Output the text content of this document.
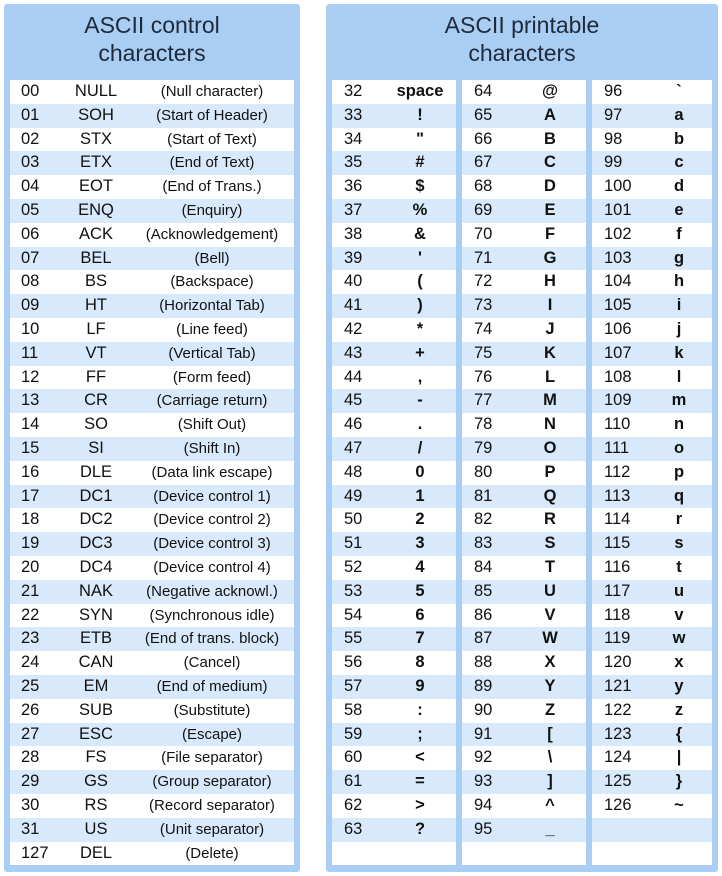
ASCII control
characters
00	NULL	(Null character)
01	SOH	(Start of Header)
02	STX	(Start of Text)
03	ETX	(End of Text)
04	EOT	(End of Trans.)
05	ENQ	(Enquiry)
06	ACK	(Acknowledgement)
07	BEL	(Bell)
08	BS	(Backspace)
09	HT	(Horizontal Tab)
10	LF	(Line feed)
11	VT	(Vertical Tab)
12	FF	(Form feed)
13	CR	(Carriage return)
14	SO	(Shift Out)
15	SI	(Shift In)
16	DLE	(Data link escape)
17	DC1	(Device control 1)
18	DC2	(Device control 2)
19	DC3	(Device control 3)
20	DC4	(Device control 4)
21	NAK	(Negative acknowl.)
22	SYN	(Synchronous idle)
23	ETB	(End of trans. block)
24	CAN	(Cancel)
25	EM	(End of medium)
26	SUB	(Substitute)
27	ESC	(Escape)
28	FS	(File separator)
29	GS	(Group separator)
30	RS	(Record separator)
31	US	(Unit separator)
127	DEL	(Delete)
ASCII printable
characters
32	space
33	!
34	"
35	#
36	$
37	%
38	&
39	'
40	(
41	)
42	*
43	+
44	,
45	-
46	.
47	/
48	0
49	1
50	2
51	3
52	4
53	5
54	6
55	7
56	8
57	9
58	:
59	;
60	<
61	=
62	>
63	?
64	@
65	A
66	B
67	C
68	D
69	E
70	F
71	G
72	H
73	I
74	J
75	K
76	L
77	M
78	N
79	O
80	P
81	Q
82	R
83	S
84	T
85	U
86	V
87	W
88	X
89	Y
90	Z
91	[
92	\
93	]
94	^
95	_
96	`
97	a
98	b
99	c
100	d
101	e
102	f
103	g
104	h
105	i
106	j
107	k
108	l
109	m
110	n
111	o
112	p
113	q
114	r
115	s
116	t
117	u
118	v
119	w
120	x
121	y
122	z
123	{
124	|
125	}
126	~
